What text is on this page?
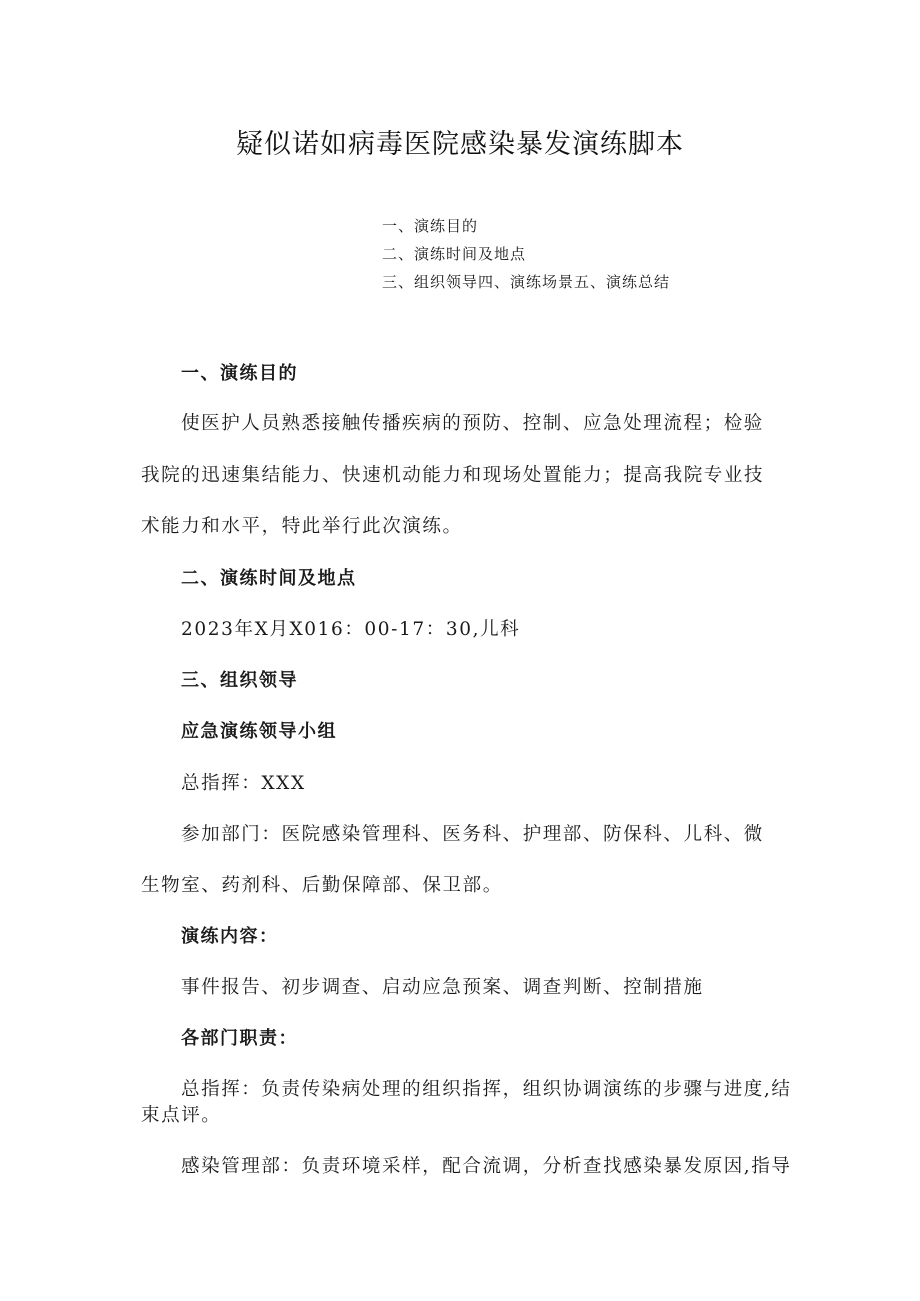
疑似诺如病毒医院感染暴发演练脚本
一、演练目的
二、演练时间及地点
三、组织领导四、演练场景五、演练总结
一、演练目的
使医护人员熟悉接触传播疾病的预防、控制、应急处理流程；检验
我院的迅速集结能力、快速机动能力和现场处置能力；提高我院专业技
术能力和水平，特此举行此次演练。
二、演练时间及地点
2023年X月X016：00-17：30,儿科
三、组织领导
应急演练领导小组
总指挥：XXX
参加部门：医院感染管理科、医务科、护理部、防保科、儿科、微
生物室、药剂科、后勤保障部、保卫部。
演练内容：
事件报告、初步调查、启动应急预案、调查判断、控制措施
各部门职责：
总指挥：负责传染病处理的组织指挥，组织协调演练的步骤与进度,结
束点评。
感染管理部：负责环境采样，配合流调，分析查找感染暴发原因,指导
